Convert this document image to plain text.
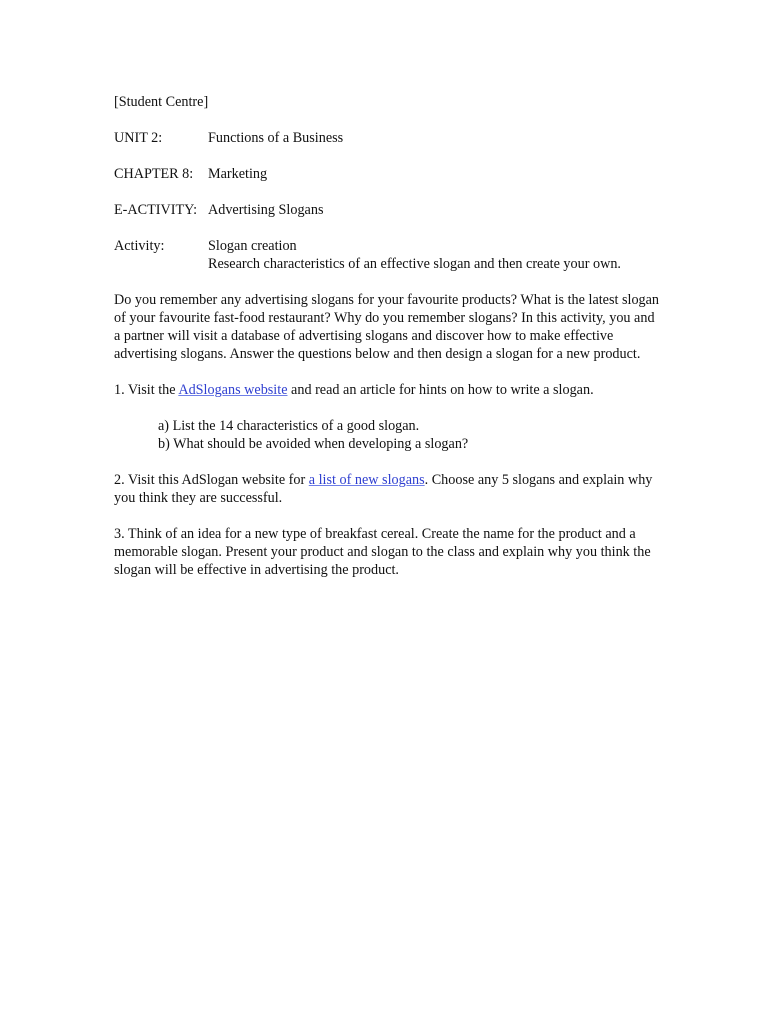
[Student Centre]
UNIT 2:	Functions of a Business
CHAPTER 8:	Marketing
E-ACTIVITY: Advertising Slogans
Activity:	Slogan creation
Research characteristics of an effective slogan and then create your own.

Do you remember any advertising slogans for your favourite products? What is the latest slogan of your favourite fast-food restaurant? Why do you remember slogans? In this activity, you and a partner will visit a database of advertising slogans and discover how to make effective advertising slogans. Answer the questions below and then design a slogan for a new product.

1. Visit the AdSlogans website and read an article for hints on how to write a slogan.
a) List the 14 characteristics of a good slogan.
b) What should be avoided when developing a slogan?
2. Visit this AdSlogan website for a list of new slogans. Choose any 5 slogans and explain why you think they are successful.
3. Think of an idea for a new type of breakfast cereal. Create the name for the product and a memorable slogan. Present your product and slogan to the class and explain why you think the slogan will be effective in advertising the product.
